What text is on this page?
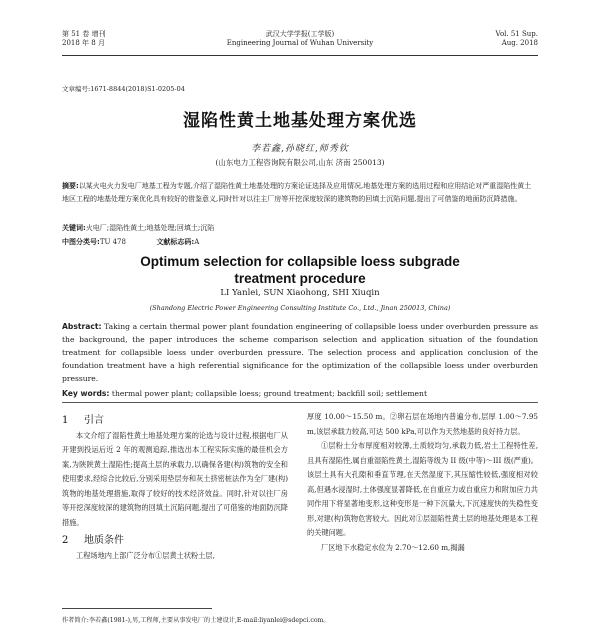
第 51 卷 增刊
2018 年 8 月
武汉大学学报(工学版)
Engineering Journal of Wuhan University
Vol. 51 Sup.
Aug. 2018
文章编号:1671-8844(2018)S1-0205-04
湿陷性黄土地基处理方案优选
李若鑫,孙晓红,师秀钦
(山东电力工程咨询院有限公司,山东 济南 250013)
摘要:以某火电火力发电厂地基工程为专题,介绍了湿陷性黄土地基处理的方案论证选择及应用情况,地基处理方案的选用过程和应用结论对严重湿陷性黄土地区工程的地基处理方案优化具有较好的借鉴意义,同时针对以往主厂房等开挖深度较深的建筑物的回填土沉陷问题,提出了可借鉴的地面防沉降措施。
关键词:火电厂;湿陷性黄土;地基处理;回填土;沉陷
中图分类号:TU 478	文献标志码:A
Optimum selection for collapsible loess subgrade
treatment procedure
LI Yanlei, SUN Xiaohong, SHI Xiuqin
(Shandong Electric Power Engineering Consulting Institute Co., Ltd., Jinan 250013, China)
Abstract: Taking a certain thermal power plant foundation engineering of collapsible loess under overburden pressure as the background, the paper introduces the scheme comparison selection and application situation of the foundation treatment for collapsible loess under overburden pressure. The selection process and application conclusion of the foundation treatment have a high referential significance for the optimization of the collapsible loess under overburden pressure.
Key words: thermal power plant; collapsible loess; ground treatment; backfill soil; settlement
1 引言

本文介绍了湿陷性黄土地基处理方案的论选与设计过程,根据电厂从开建到投运后近 2 年的观测追踪,推选出本工程实际实施的最佳机会方案,为陕陕黄土湿陷性;提高土层的承载力,以确保各建(构)筑物的安全和使用要求,经综合比较后,分别采用垫层夯和灰土挤密桩法作为全厂建(构)筑物的地基处理措施,取得了较好的技术经济效益。同时,针对以往厂房等开挖深度较深的建筑物的回填土沉陷问题,提出了可借鉴的地面防沉降措施。

2 地质条件

工程场地内上部广泛分布①层黄土状粉土层,

厚度 10.00～15.50 m。②卵石层在场地内普遍分布,层厚 1.00～7.95 m,该层承载力较高,可达 500 kPa,可以作为天然地基的良好持力层。

①层粉土分布厚度相对较薄,土质较均匀,承载力低,岩土工程特性差,且具有湿陷性,属自重湿陷性黄土,湿陷等级为 II 级(中等)～III 级(严重)。该层土具有大孔隙和垂直节理,在天然湿度下,其压缩性较低,强度相对较高,但遇水浸湿时,土体强度显著降低,在自重应力或自重应力和附加应力共同作用下将显著地变形,这种变形是一种下沉量大,下沉速度快的失稳性变形,对建(构)筑物危害较大。因此对①层湿陷性黄土层的地基处理是本工程的关键问题。

厂区地下水稳定水位为 2.70～12.60 m,揭漏

作者简介:李若鑫(1981-),男,工程师,主要从事发电厂的土建设计,E-mail:liyanlei@sdepci.com。
